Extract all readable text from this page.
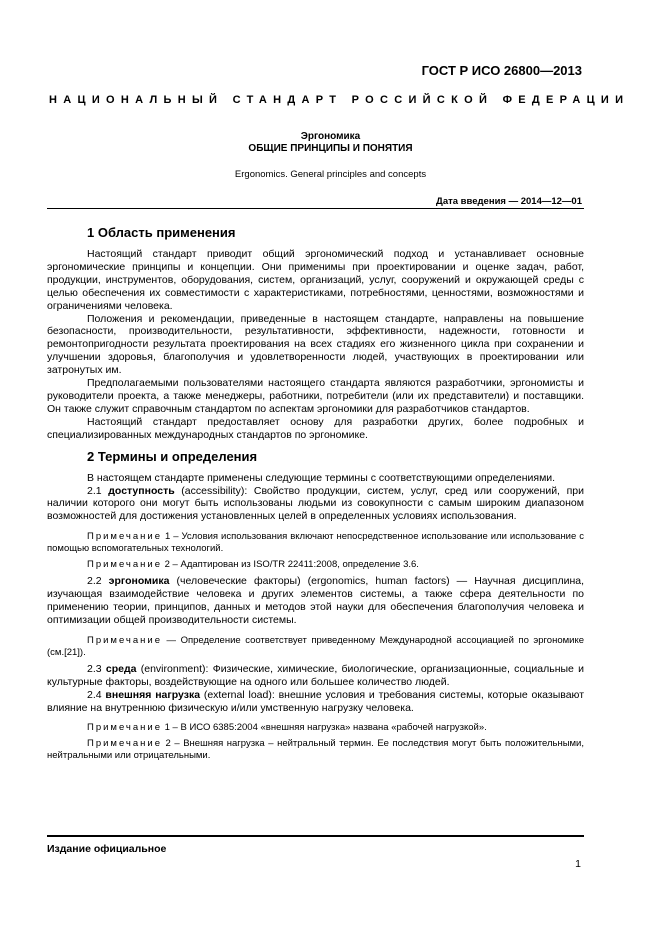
ГОСТ Р ИСО 26800—2013
НАЦИОНАЛЬНЫЙ СТАНДАРТ РОССИЙСКОЙ ФЕДЕРАЦИИ
Эргономика
ОБЩИЕ ПРИНЦИПЫ И ПОНЯТИЯ
Ergonomics. General principles and concepts
Дата введения — 2014—12—01
1 Область применения

Настоящий стандарт приводит общий эргономический подход и устанавливает основные эргономические принципы и концепции. Они применимы при проектировании и оценке задач, работ, продукции, инструментов, оборудования, систем, организаций, услуг, сооружений и окружающей среды с целью обеспечения их совместимости с характеристиками, потребностями, ценностями, возможностями и ограничениями человека.

Положения и рекомендации, приведенные в настоящем стандарте, направлены на повышение безопасности, производительности, результативности, эффективности, надежности, готовности и ремонтопригодности результата проектирования на всех стадиях его жизненного цикла при сохранении и улучшении здоровья, благополучия и удовлетворенности людей, участвующих в проектировании или затронутых им.

Предполагаемыми пользователями настоящего стандарта являются разработчики, эргономисты и руководители проекта, а также менеджеры, работники, потребители (или их представители) и поставщики. Он также служит справочным стандартом по аспектам эргономики для разработчиков стандартов.

Настоящий стандарт предоставляет основу для разработки других, более подробных и специализированных международных стандартов по эргономике.

2 Термины и определения

В настоящем стандарте применены следующие термины с соответствующими определениями.

2.1 доступность (accessibility): Свойство продукции, систем, услуг, сред или сооружений, при наличии которого они могут быть использованы людьми из совокупности с самым широким диапазоном возможностей для достижения установленных целей в определенных условиях использования.

Примечание 1 – Условия использования включают непосредственное использование или использование с помощью вспомогательных технологий.

Примечание 2 – Адаптирован из ISO/TR 22411:2008, определение 3.6.

2.2 эргономика (человеческие факторы) (ergonomics, human factors) — Научная дисциплина, изучающая взаимодействие человека и других элементов системы, а также сфера деятельности по применению теории, принципов, данных и методов этой науки для обеспечения благополучия человека и оптимизации общей производительности системы.

Примечание — Определение соответствует приведенному Международной ассоциацией по эргономике (см.[21]).

2.3 среда (environment): Физические, химические, биологические, организационные, социальные и культурные факторы, воздействующие на одного или большее количество людей.

2.4 внешняя нагрузка (external load): внешние условия и требования системы, которые оказывают влияние на внутреннюю физическую и/или умственную нагрузку человека.

Примечание 1 – В ИСО 6385:2004 «внешняя нагрузка» названа «рабочей нагрузкой».

Примечание 2 – Внешняя нагрузка – нейтральный термин. Ее последствия могут быть положительными, нейтральными или отрицательными.

Издание официальное
1
